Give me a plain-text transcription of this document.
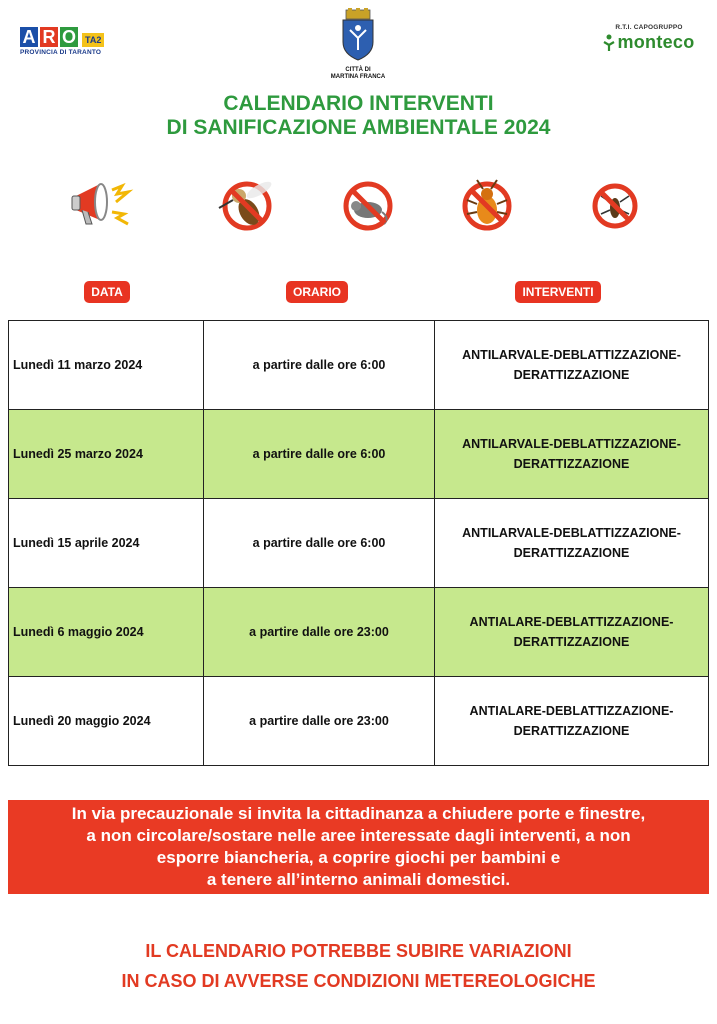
A R O	TA2
PROVINCIA DI TARANTO
CITTÀ DI
MARTINA FRANCA
R.T.I. CAPOGRUPPO
monteco
CALENDARIO INTERVENTI
DI SANIFICAZIONE AMBIENTALE 2024
DATA	ORARIO	INTERVENTI
Lunedì 11 marzo 2024	a partire dalle ore 6:00	ANTILARVALE-DEBLATTIZZAZIONE-
DERATTIZZAZIONE

Lunedì 25 marzo 2024	a partire dalle ore 6:00	ANTILARVALE-DEBLATTIZZAZIONE-
DERATTIZZAZIONE

Lunedì 15 aprile 2024	a partire dalle ore 6:00	ANTILARVALE-DEBLATTIZZAZIONE-
DERATTIZZAZIONE

Lunedì 6 maggio 2024	a partire dalle ore 23:00	ANTIALARE-DEBLATTIZZAZIONE-
DERATTIZZAZIONE

Lunedì 20 maggio 2024	a partire dalle ore 23:00	ANTIALARE-DEBLATTIZZAZIONE-
DERATTIZZAZIONE
In via precauzionale si invita la cittadinanza a chiudere porte e finestre,
a non circolare/sostare nelle aree interessate dagli interventi, a non
esporre biancheria, a coprire giochi per bambini e
a tenere all’interno animali domestici.
IL CALENDARIO POTREBBE SUBIRE VARIAZIONI
IN CASO DI AVVERSE CONDIZIONI METEREOLOGICHE
